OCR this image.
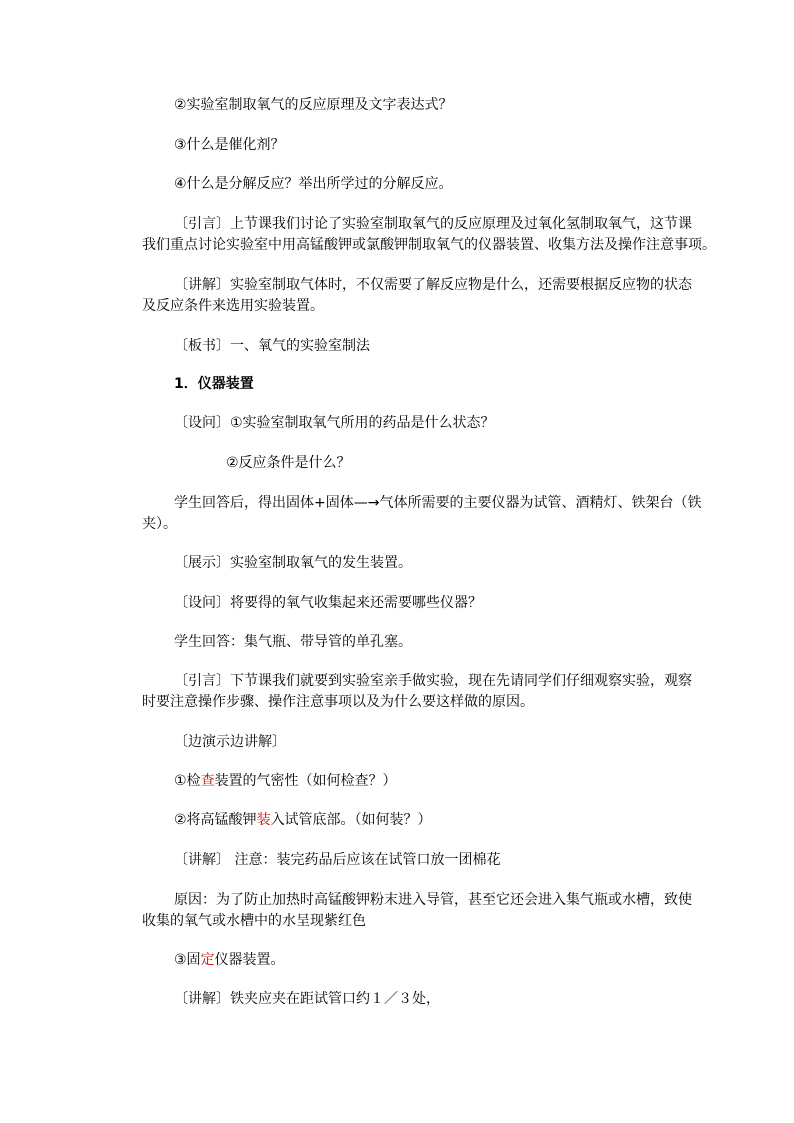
②实验室制取氧气的反应原理及文字表达式？
③什么是催化剂？
④什么是分解反应？举出所学过的分解反应。
〔引言〕上节课我们讨论了实验室制取氧气的反应原理及过氧化氢制取氧气，这节课
我们重点讨论实验室中用高锰酸钾或氯酸钾制取氧气的仪器装置、收集方法及操作注意事项。
〔讲解〕实验室制取气体时，不仅需要了解反应物是什么，还需要根据反应物的状态
及反应条件来选用实验装置。
〔板书〕一、氧气的实验室制法
1．仪器装置
〔设问〕①实验室制取氧气所用的药品是什么状态？
②反应条件是什么？
学生回答后，得出固体+固体—→气体所需要的主要仪器为试管、酒精灯、铁架台（铁
夹）。
〔展示〕实验室制取氧气的发生装置。
〔设问〕将要得的氧气收集起来还需要哪些仪器？
学生回答：集气瓶、带导管的单孔塞。
〔引言〕下节课我们就要到实验室亲手做实验，现在先请同学们仔细观察实验，观察
时要注意操作步骤、操作注意事项以及为什么要这样做的原因。
〔边演示边讲解〕
①检查装置的气密性（如何检查？）
②将高锰酸钾装入试管底部。（如何装？）
〔讲解〕 注意：装完药品后应该在试管口放一团棉花
原因：为了防止加热时高锰酸钾粉末进入导管，甚至它还会进入集气瓶或水槽，致使
收集的氧气或水槽中的水呈现紫红色
③固定仪器装置。
〔讲解〕铁夹应夹在距试管口约１／３处，
